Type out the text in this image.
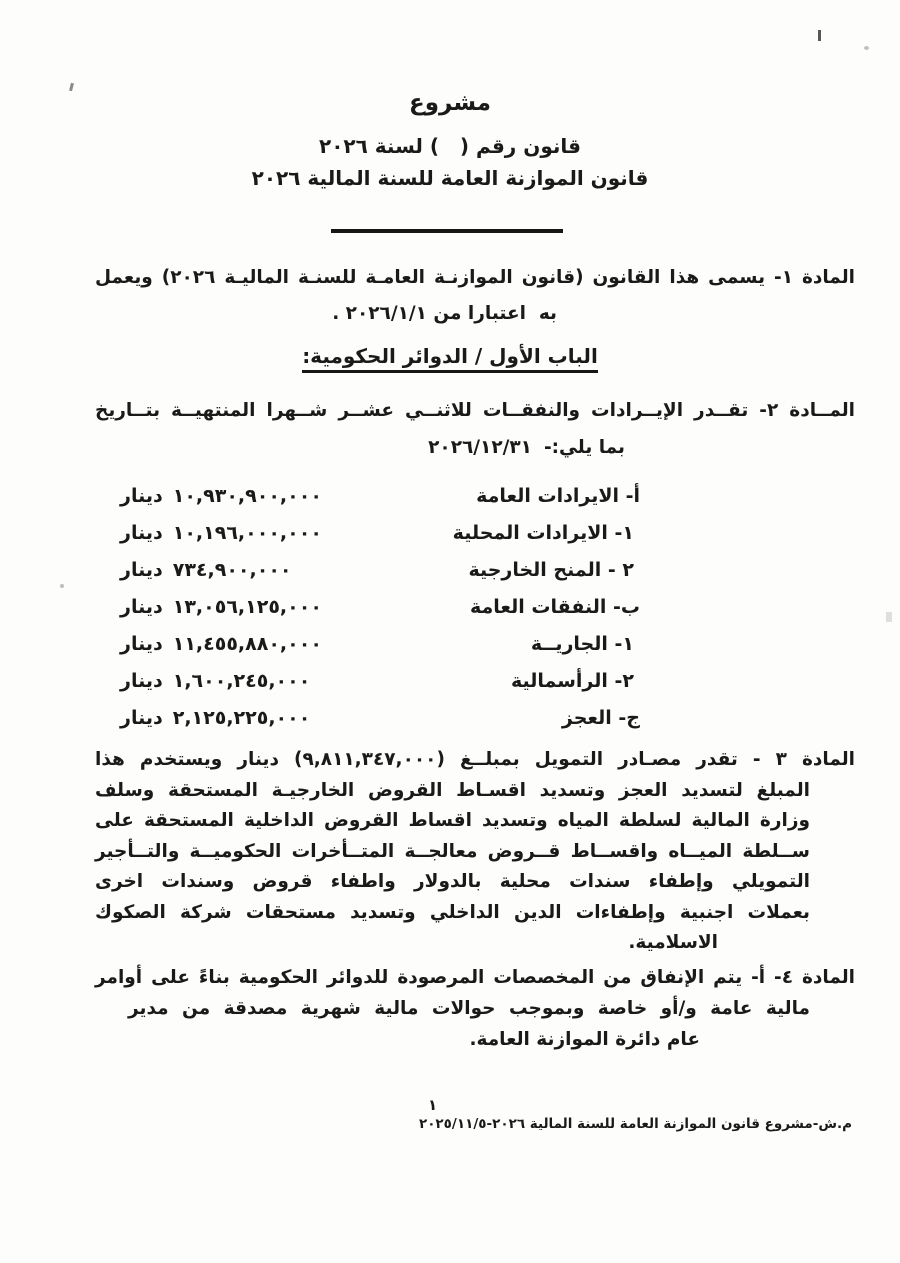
مشروع
قانون رقم (   ) لسنة ٢٠٢٦
قانون الموازنة العامة للسنة المالية ٢٠٢٦
المادة ١- يسمى هذا القانون (قانون الموازنـة العامـة للسنـة الماليـة ٢٠٢٦) ويعمل
به  اعتبارا من ٢٠٢٦/١/١ .
الباب الأول / الدوائر الحكومية:
المــادة ٢- تقــدر الإيــرادات والنفقــات للاثنــي عشــر شــهرا المنتهيــة بتــاريخ
٢٠٢٦/١٢/٣١ بما يلي:-
أ- الايرادات العامة
دينار ١٠,٩٣٠,٩٠٠,٠٠٠
١- الايرادات المحلية
دينار ١٠,١٩٦,٠٠٠,٠٠٠
٢ - المنح الخارجية
دينار ٧٣٤,٩٠٠,٠٠٠
ب- النفقات العامة
دينار ١٣,٠٥٦,١٢٥,٠٠٠
١- الجاريــة
دينار ١١,٤٥٥,٨٨٠,٠٠٠
٢- الرأسمالية
دينار ١,٦٠٠,٢٤٥,٠٠٠
ج- العجز
دينار ٢,١٢٥,٢٢٥,٠٠٠
المادة ٣ - تقدر مصـادر التمويل بمبلــغ (٩,٨١١,٣٤٧,٠٠٠) دينار ويستخدم هذا
المبلغ لتسديد العجز وتسديد اقسـاط القروض الخارجيـة المستحقة وسلف
وزارة المالية لسلطة المياه وتسديد اقساط القروض الداخلية المستحقة على
ســلطة الميــاه واقســاط قــروض معالجــة المتــأخرات الحكوميــة والتــأجير
التمويلي وإطفاء سندات محلية بالدولار واطفاء قروض وسندات اخرى
بعملات اجنبية وإطفاءات الدين الداخلي وتسديد مستحقات شركة الصكوك
الاسلامية.
المادة ٤- أ- يتم الإنفاق من المخصصات المرصودة للدوائر الحكومية بناءً على أوامر
مالية عامة و/أو خاصة وبموجب حوالات مالية شهرية مصدقة من مدير
عام دائرة الموازنة العامة.
١
م.ش-مشروع قانون الموازنة العامة للسنة المالية ٢٠٢٦-٢٠٢٥/١١/٥
